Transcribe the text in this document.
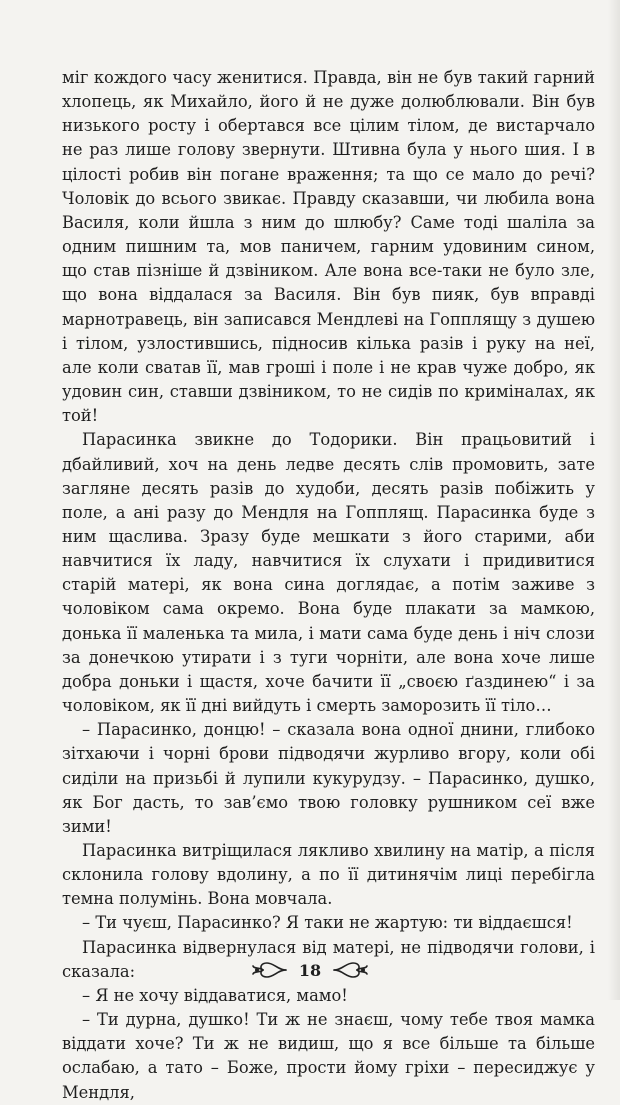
міг кождого часу женитися. Правда, він не був такий гарний хлопець, як Михайло, його й не дуже долюблювали. Він був низького росту і обертався все цілим тілом, де вистарчало не раз лише голову звернути. Штивна була у нього шия. І в цілості робив він погане враження; та що се мало до речі? Чоловік до всього звикає. Правду сказавши, чи любила вона Василя, коли йшла з ним до шлюбу? Саме тоді шаліла за одним пишним та, мов паничем, гарним удовиним сином, що став пізніше й дзвіником. Але вона все-таки не було зле, що вона віддалася за Василя. Він був пияк, був вправді марнотравець, він записався Мендлеві на Гопплящу з душею і тілом, узлостившись, підносив кілька разів і руку на неї, але коли сватав її, мав гроші і поле і не крав чуже добро, як удовин син, ставши дзвіником, то не сидів по криміналах, як той!

Парасинка звикне до Тодорики. Він працьовитий і дбайливий, хоч на день ледве десять слів промовить, зате загляне десять разів до худоби, десять разів побіжить у поле, а ані разу до Мендля на Гопплящ. Парасинка буде з ним щаслива. Зразу буде мешкати з його старими, аби навчитися їх ладу, навчитися їх слухати і придивитися старій матері, як вона сина доглядає, а потім заживе з чоловіком сама окремо. Вона буде плакати за мамкою, донька її маленька та мила, і мати сама буде день і ніч слози за донечкою утирати і з туги чорніти, але вона хоче лише добра доньки і щастя, хоче бачити її „своєю ґаздинею“ і за чоловіком, як її дні вийдуть і смерть заморозить її тіло…

– Парасинко, донцю! – сказала вона одної днини, глибоко зітхаючи і чорні брови підводячи журливо вгору, коли обі сиділи на призьбі й лупили кукурудзу. – Парасинко, душко, як Бог дасть, то зав’ємо твою головку рушником сеї вже зими!

Парасинка витріщилася лякливо хвилину на матір, а після склонила голову вдолину, а по її дитинячім лиці перебігла темна полумінь. Вона мовчала.

– Ти чуєш, Парасинко? Я таки не жартую: ти віддаєшся!

Парасинка відвернулася від матері, не підводячи голови, і сказала:

– Я не хочу віддаватися, мамо!

– Ти дурна, душко! Ти ж не знаєш, чому тебе твоя мамка віддати хоче? Ти ж не видиш, що я все більше та більше ослабаю, а тато – Боже, прости йому гріхи – пересиджує у Мендля,

18
